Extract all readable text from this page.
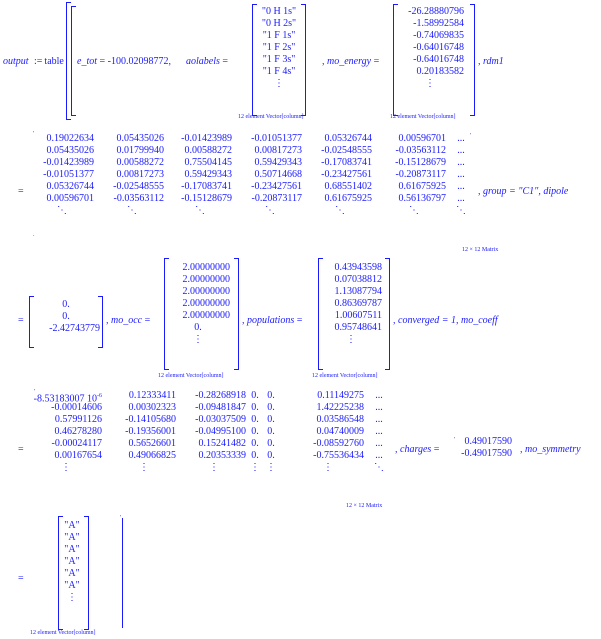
output := table e_tot = -100.02098772, aolabels =
"0 H 1s"
"0 H 2s"
"1 F 1s"
"1 F 2s"
"1 F 3s"
"1 F 4s"
⋮
12 element Vector[column]
, mo_energy =
-26.28880796
-1.58992584
-0.74069835
-0.64016748
-0.64016748
0.20183582
⋮
12 element Vector[column]
, rdm1
=
'	0.19022634
0.05435026
-0.01423989
-0.01051377
0.05326744
0.00596701
⋱
0.05435026
0.01799940
0.00588272
0.00817273
-0.02548555
-0.03563112
⋱
-0.01423989
0.00588272
0.75504145
0.59429343
-0.17083741
-0.15128679
⋱
-0.01051377
0.00817273
0.59429343
0.50714668
-0.23427561
-0.20873117
⋱
0.05326744
-0.02548555
-0.17083741
-0.23427561
0.68551402
0.61675925
⋱
0.00596701
-0.03563112
-0.15128679
-0.20873117
0.61675925
0.56136797
⋱
...
...
...
...
...
...
⋱
.
'
12 × 12 Matrix
, group = "C1", dipole
=
0.
0.
-2.42743779
, mo_occ =
2.00000000
2.00000000
2.00000000
2.00000000
2.00000000
0.
⋮
12 element Vector[column]
, populations =
0.43943598
0.07038812
1.13087794
0.86369787
1.00607511
0.95748641
⋮
12 element Vector[column]
, converged = 1, mo_coeff
=
'
-8.53183007 $10^{-6}$
-0.00014606
0.57991126
0.46278280
-0.00024117
0.00167654
⋮
0.12333411
0.00302323
-0.14105680
-0.19356001
0.56526601
0.49066825
⋮
-0.28268918
-0.09481847
-0.03037509
-0.04995100
0.15241482
0.20353339
⋮
0.
0.
0.
0.
0.
0.
⋮
0.
0.
0.
0.
0.
0.
⋮
0.11149275
1.42225238
0.03586548
0.04740009
-0.08592760
-0.75536434
⋮
...
...
...
...
...
...
⋱
12 × 12 Matrix
, charges =
' 0.49017590
-0.49017590 , mo_symmetry
=
"A"
"A"
"A"
"A"
"A"
"A"
⋮
'
12 element Vector[column]
